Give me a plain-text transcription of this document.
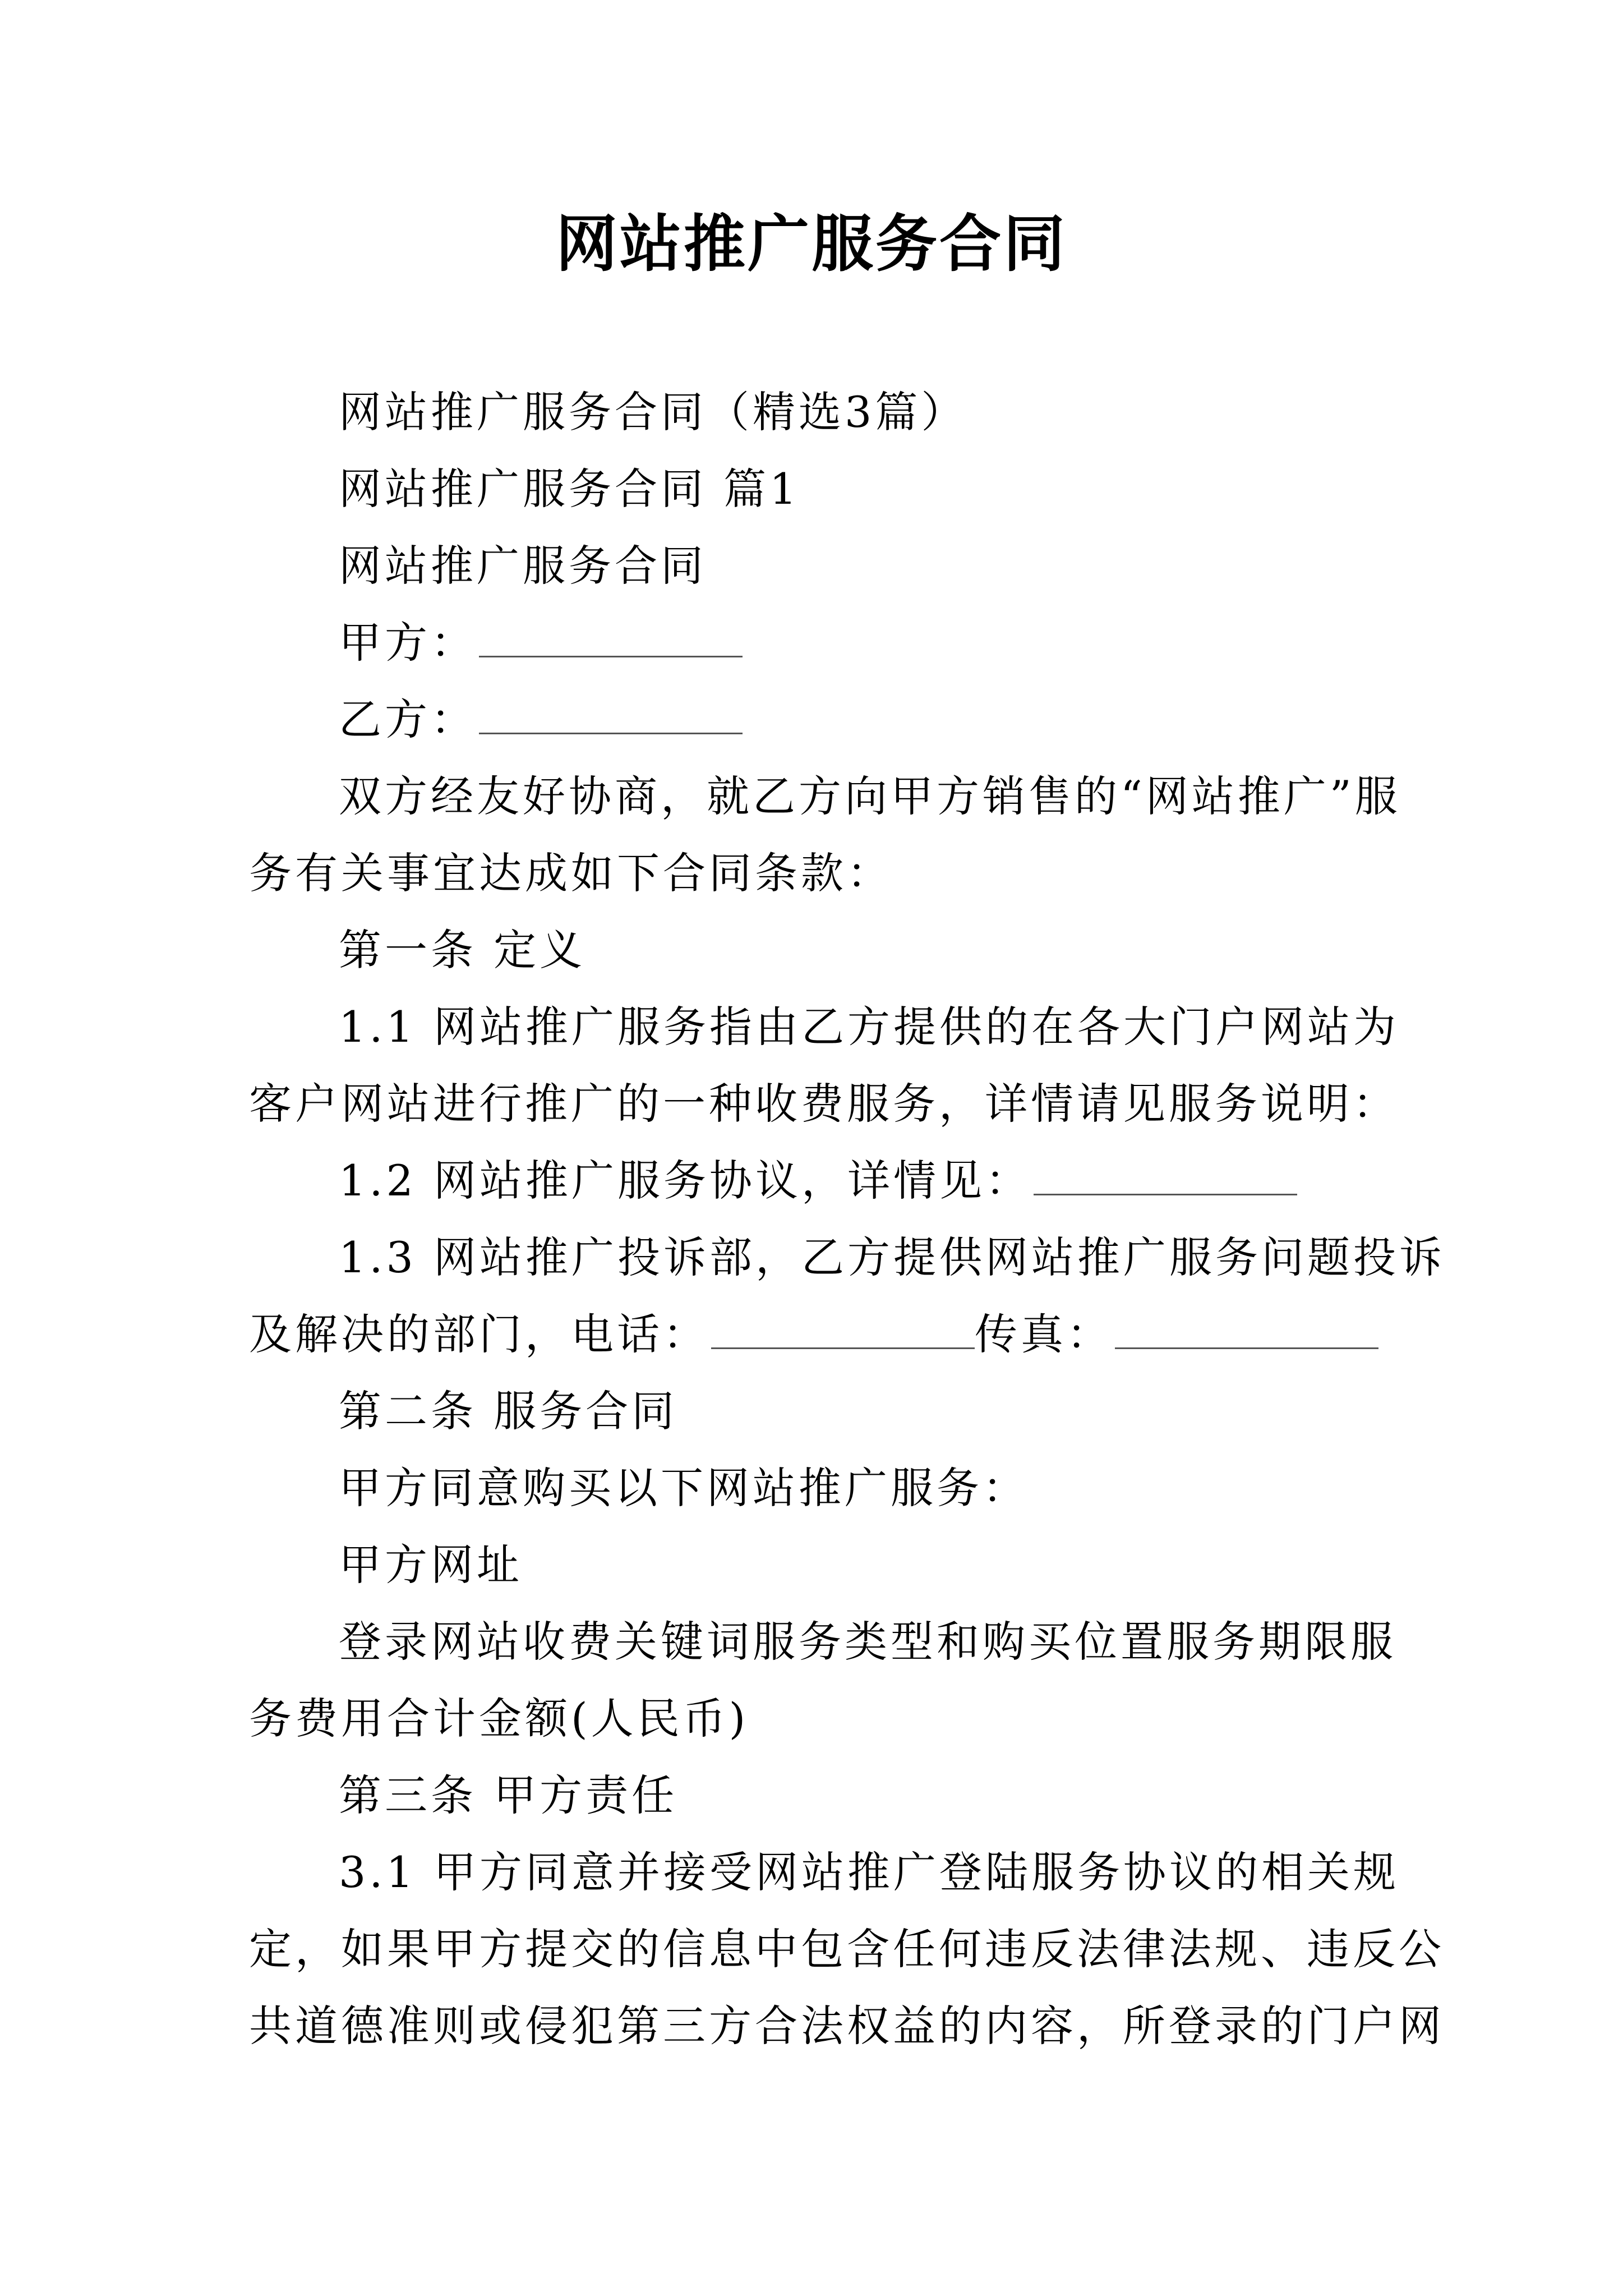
网站推广服务合同
网站推广服务合同（精选3篇）
网站推广服务合同 篇1
网站推广服务合同
甲方：
乙方：
双方经友好协商，就乙方向甲方销售的“网站推广”服
务有关事宜达成如下合同条款：
第一条 定义
1.1 网站推广服务指由乙方提供的在各大门户网站为
客户网站进行推广的一种收费服务，详情请见服务说明：
1.2 网站推广服务协议，详情见：
1.3 网站推广投诉部，乙方提供网站推广服务问题投诉
及解决的部门，电话：	传真：
第二条 服务合同
甲方同意购买以下网站推广服务：
甲方网址
登录网站收费关键词服务类型和购买位置服务期限服
务费用合计金额(人民币)
第三条 甲方责任
3.1 甲方同意并接受网站推广登陆服务协议的相关规
定，如果甲方提交的信息中包含任何违反法律法规、违反公
共道德准则或侵犯第三方合法权益的内容，所登录的门户网
